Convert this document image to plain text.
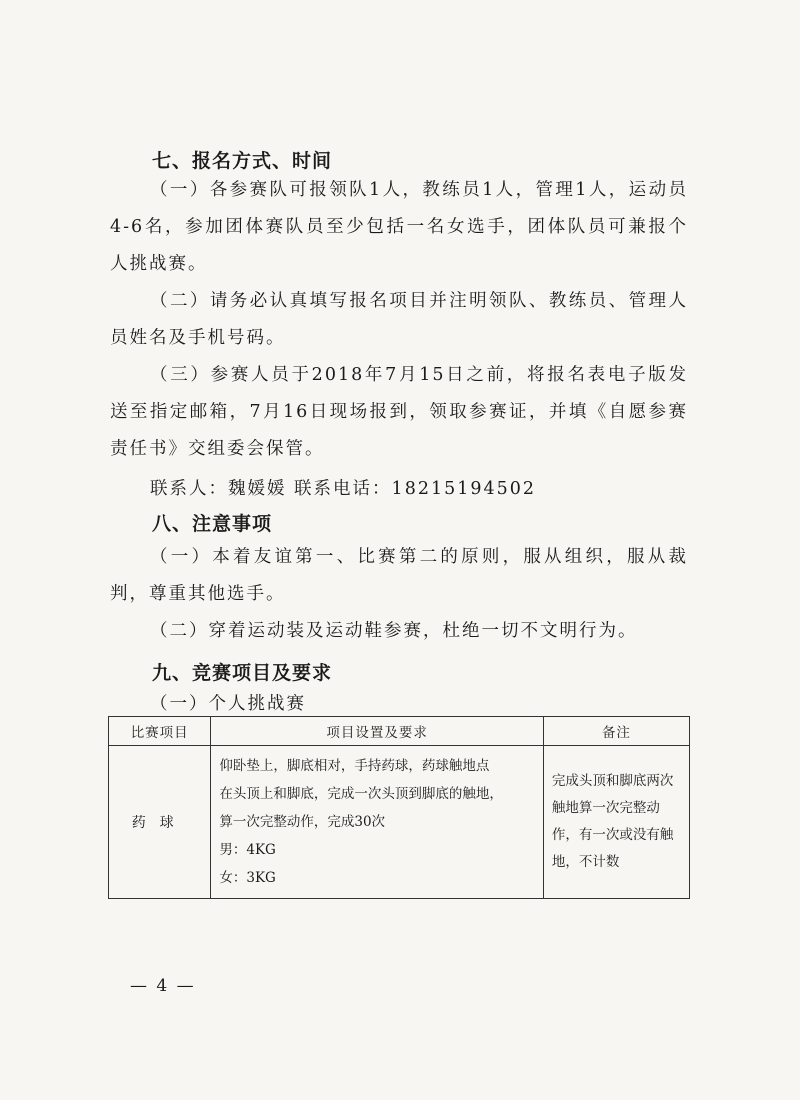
七、报名方式、时间

（一）各参赛队可报领队1人，教练员1人，管理1人，运动员4-6名，参加团体赛队员至少包括一名女选手，团体队员可兼报个人挑战赛。

（二）请务必认真填写报名项目并注明领队、教练员、管理人员姓名及手机号码。

（三）参赛人员于2018年7月15日之前，将报名表电子版发送至指定邮箱，7月16日现场报到，领取参赛证，并填《自愿参赛责任书》交组委会保管。

联系人：魏媛媛 联系电话：18215194502
八、注意事项

（一）本着友谊第一、比赛第二的原则，服从组织，服从裁判，尊重其他选手。

（二）穿着运动装及运动鞋参赛，杜绝一切不文明行为。

九、竞赛项目及要求
（一）个人挑战赛
比赛项目	项目设置及要求	备注
药球	仰卧垫上，脚底相对，手持药球，药球触地点
在头顶上和脚底，完成一次头顶到脚底的触地，
算一次完整动作，完成30次
男：4KG
女：3KG	完成头顶和脚底两次触地算一次完整动作，有一次或没有触地，不计数
— 4 —
